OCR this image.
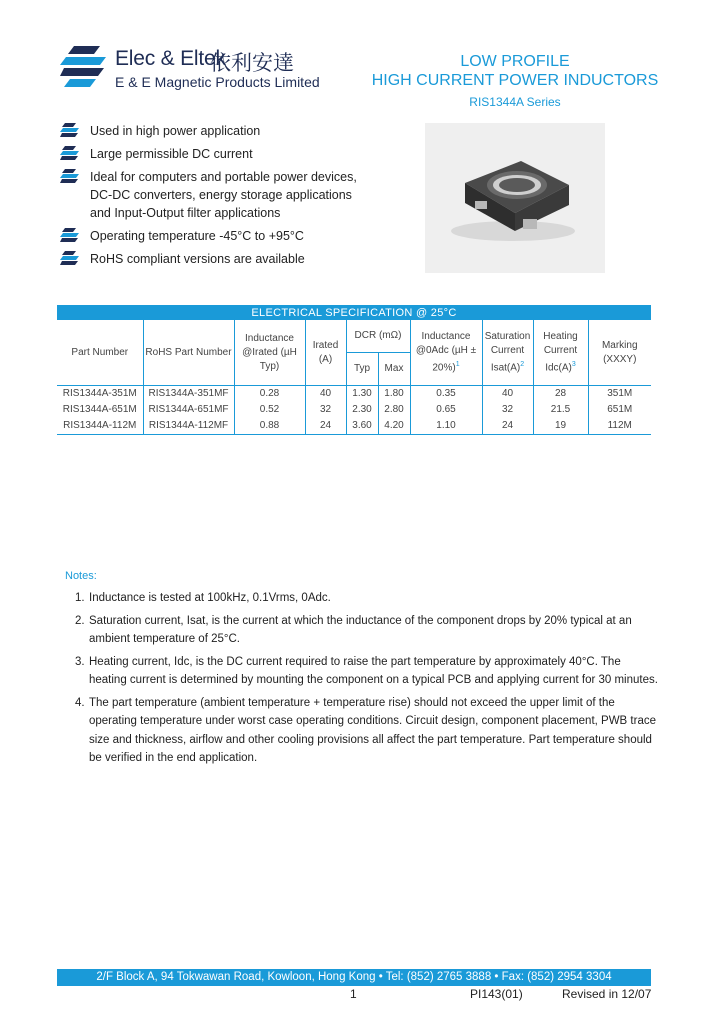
Elec & Eltek
依利安達
E & E Magnetic Products Limited
LOW PROFILE
HIGH CURRENT POWER INDUCTORS
RIS1344A Series
Used in high power application
Large permissible DC current
Ideal for computers and portable power devices, DC-DC converters, energy storage applications and Input-Output filter applications
Operating temperature -45°C to +95°C
RoHS compliant versions are available
ELECTRICAL SPECIFICATION @ 25°C									
Part Number	RoHS Part Number	Inductance @Irated (µH Typ)	Irated (A)	DCR (mΩ)		Inductance @0Adc $(\mu H \pm 20\%)^1$	Saturation Current $Isat(A)^2$	Heating Current $Idc(A)^3$	Marking (XXXY)
				Typ	Max				
RIS1344A-351M	RIS1344A-351MF	0.28	40	1.30	1.80	0.35	40	28	351M
RIS1344A-651M	RIS1344A-651MF	0.52	32	2.30	2.80	0.65	32	21.5	651M
RIS1344A-112M	RIS1344A-112MF	0.88	24	3.60	4.20	1.10	24	19	112M
Notes:
1. Inductance is tested at 100kHz, 0.1Vrms, 0Adc.
2. Saturation current, Isat, is the current at which the inductance of the component drops by 20% typical at an ambient temperature of 25°C.
3. Heating current, Idc, is the DC current required to raise the part temperature by approximately 40°C. The heating current is determined by mounting the component on a typical PCB and applying current for 30 minutes.
4. The part temperature (ambient temperature + temperature rise) should not exceed the upper limit of the operating temperature under worst case operating conditions. Circuit design, component placement, PWB trace size and thickness, airflow and other cooling provisions all affect the part temperature. Part temperature should be verified in the end application.
2/F Block A, 94 Tokwawan Road, Kowloon, Hong Kong • Tel: (852) 2765 3888 • Fax: (852) 2954 3304
1	PI143(01)	Revised in 12/07
